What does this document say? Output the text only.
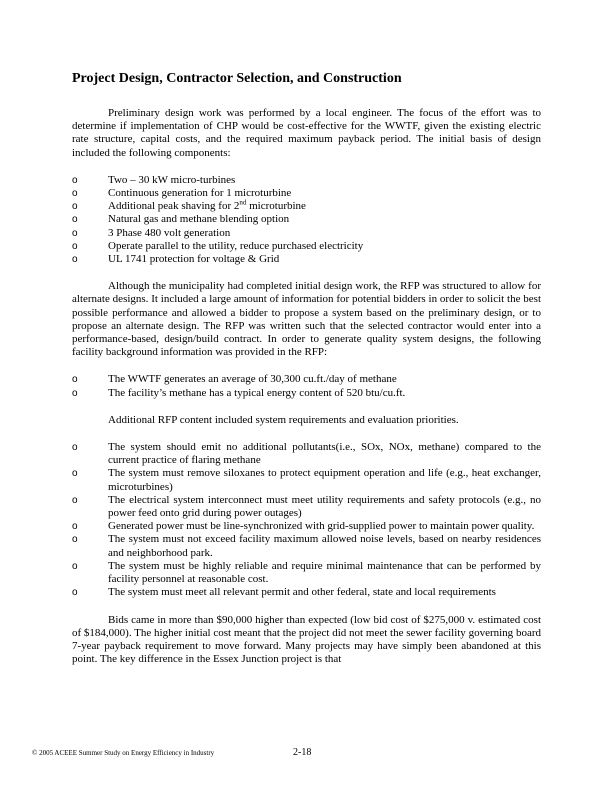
Project Design, Contractor Selection, and Construction

Preliminary design work was performed by a local engineer. The focus of the effort was to determine if implementation of CHP would be cost-effective for the WWTF, given the existing electric rate structure, capital costs, and the required maximum payback period. The initial basis of design included the following components:

o	Two – 30 kW micro-turbines
o	Continuous generation for 1 microturbine
o	Additional peak shaving for 2nd microturbine
o	Natural gas and methane blending option
o	3 Phase 480 volt generation
o	Operate parallel to the utility, reduce purchased electricity
o	UL 1741 protection for voltage & Grid

Although the municipality had completed initial design work, the RFP was structured to allow for alternate designs. It included a large amount of information for potential bidders in order to solicit the best possible performance and allowed a bidder to propose a system based on the preliminary design, or to propose an alternate design. The RFP was written such that the selected contractor would enter into a performance-based, design/build contract. In order to generate quality system designs, the following facility background information was provided in the RFP:

o	The WWTF generates an average of 30,300 cu.ft./day of methane
o	The facility’s methane has a typical energy content of 520 btu/cu.ft.

Additional RFP content included system requirements and evaluation priorities.

o	The system should emit no additional pollutants(i.e., SOx, NOx, methane) compared to the current practice of flaring methane
o	The system must remove siloxanes to protect equipment operation and life (e.g., heat exchanger, microturbines)
o	The electrical system interconnect must meet utility requirements and safety protocols (e.g., no power feed onto grid during power outages)
o	Generated power must be line-synchronized with grid-supplied power to maintain power quality.
o	The system must not exceed facility maximum allowed noise levels, based on nearby residences and neighborhood park.
o	The system must be highly reliable and require minimal maintenance that can be performed by facility personnel at reasonable cost.
o	The system must meet all relevant permit and other federal, state and local requirements

Bids came in more than $90,000 higher than expected (low bid cost of $275,000 v. estimated cost of $184,000). The higher initial cost meant that the project did not meet the sewer facility governing board 7-year payback requirement to move forward. Many projects may have simply been abandoned at this point. The key difference in the Essex Junction project is that

© 2005 ACEEE Summer Study on Energy Efficiency in Industry	2-18
